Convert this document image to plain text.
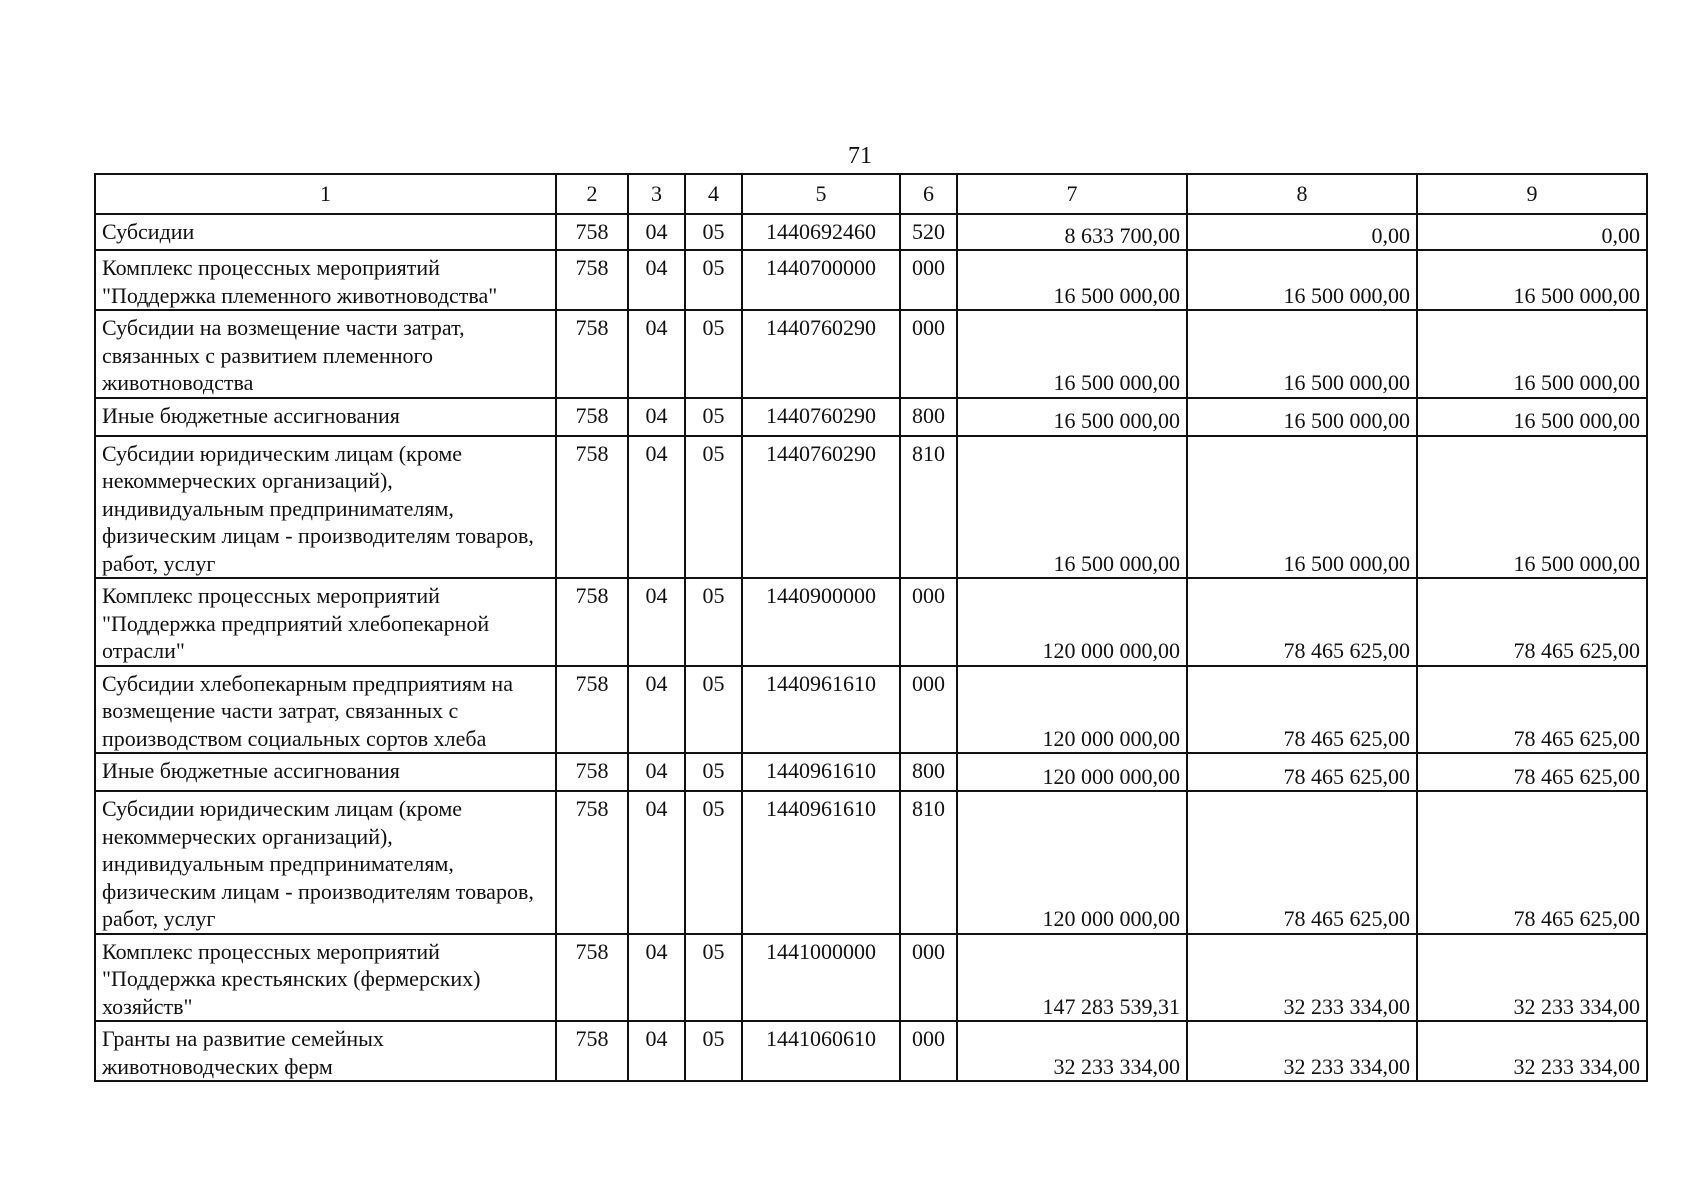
71
1	2	3	4	5	6	7	8	9
Субсидии	758	04	05	1440692460	520	8 633 700,00	0,00	0,00
Комплекс процессных мероприятий "Поддержка племенного животноводства"	758	04	05	1440700000	000	16 500 000,00	16 500 000,00	16 500 000,00
Субсидии на возмещение части затрат, связанных с развитием племенного животноводства	758	04	05	1440760290	000	16 500 000,00	16 500 000,00	16 500 000,00
Иные бюджетные ассигнования	758	04	05	1440760290	800	16 500 000,00	16 500 000,00	16 500 000,00
Субсидии юридическим лицам (кроме некоммерческих организаций), индивидуальным предпринимателям, физическим лицам - производителям товаров, работ, услуг	758	04	05	1440760290	810	16 500 000,00	16 500 000,00	16 500 000,00
Комплекс процессных мероприятий "Поддержка предприятий хлебопекарной отрасли"	758	04	05	1440900000	000	120 000 000,00	78 465 625,00	78 465 625,00
Субсидии хлебопекарным предприятиям на возмещение части затрат, связанных с производством социальных сортов хлеба	758	04	05	1440961610	000	120 000 000,00	78 465 625,00	78 465 625,00
Иные бюджетные ассигнования	758	04	05	1440961610	800	120 000 000,00	78 465 625,00	78 465 625,00
Субсидии юридическим лицам (кроме некоммерческих организаций), индивидуальным предпринимателям, физическим лицам - производителям товаров, работ, услуг	758	04	05	1440961610	810	120 000 000,00	78 465 625,00	78 465 625,00
Комплекс процессных мероприятий "Поддержка крестьянских (фермерских) хозяйств"	758	04	05	1441000000	000	147 283 539,31	32 233 334,00	32 233 334,00
Гранты на развитие семейных животноводческих ферм	758	04	05	1441060610	000	32 233 334,00	32 233 334,00	32 233 334,00
